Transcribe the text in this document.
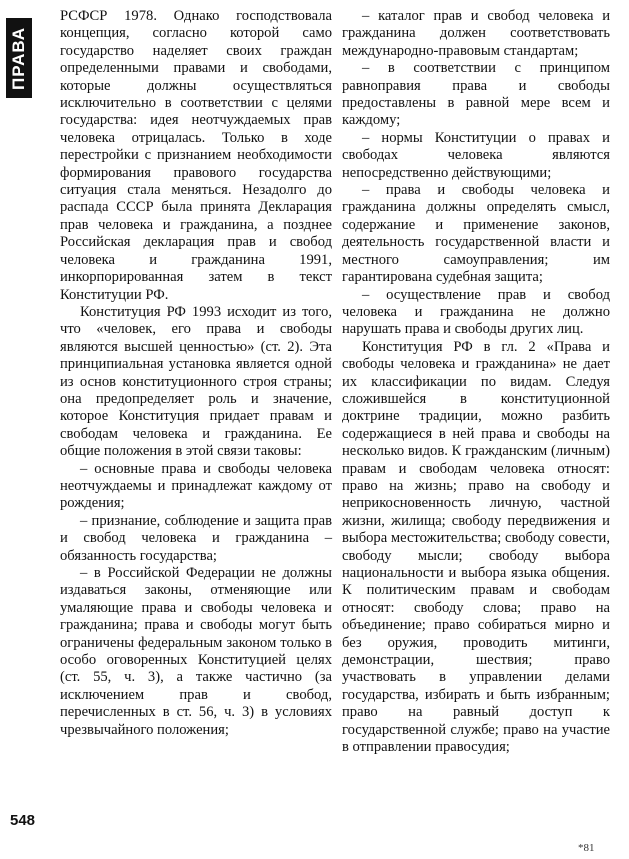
ПРАВА

РСФСР 1978. Однако господствовала концепция, согласно которой само государство наделяет своих граждан определенными правами и свободами, которые должны осуществляться исключительно в соответствии с целями государства: идея неотчуждаемых прав человека отрицалась. Только в ходе перестройки с признанием необходимости формирования правового государства ситуация стала меняться. Незадолго до распада СССР была принята Декларация прав человека и гражданина, а позднее Российская декларация прав и свобод человека и гражданина 1991, инкорпорированная затем в текст Конституции РФ.

Конституция РФ 1993 исходит из того, что «человек, его права и свободы являются высшей ценностью» (ст. 2). Эта принципиальная установка является одной из основ конституционного строя страны; она предопределяет роль и значение, которое Конституция придает правам и свободам человека и гражданина. Ее общие положения в этой связи таковы:

– основные права и свободы человека неотчуждаемы и принадлежат каждому от рождения;

– признание, соблюдение и защита прав и свобод человека и гражданина – обязанность государства;

– в Российской Федерации не должны издаваться законы, отменяющие или умаляющие права и свободы человека и гражданина; права и свободы могут быть ограничены федеральным законом только в особо оговоренных Конституцией целях (ст. 55, ч. 3), а также частично (за исключением прав и свобод, перечисленных в ст. 56, ч. 3) в условиях чрезвычайного положения;

– каталог прав и свобод человека и гражданина должен соответствовать международно-правовым стандартам;

– в соответствии с принципом равноправия права и свободы предоставлены в равной мере всем и каждому;

– нормы Конституции о правах и свободах человека являются непосредственно действующими;

– права и свободы человека и гражданина должны определять смысл, содержание и применение законов, деятельность государственной власти и местного самоуправления; им гарантирована судебная защита;

– осуществление прав и свобод человека и гражданина не должно нарушать права и свободы других лиц.

Конституция РФ в гл. 2 «Права и свободы человека и гражданина» не дает их классификации по видам. Следуя сложившейся в конституционной доктрине традиции, можно разбить содержащиеся в ней права и свободы на несколько видов. К гражданским (личным) правам и свободам человека относят: право на жизнь; право на свободу и неприкосновенность личную, частной жизни, жилища; свободу передвижения и выбора местожительства; свободу совести, свободу мысли; свободу выбора национальности и выбора языка общения. К политическим правам и свободам относят: свободу слова; право на объединение; право собираться мирно и без оружия, проводить митинги, демонстрации, шествия; право участвовать в управлении делами государства, избирать и быть избранным; право на равный доступ к государственной службе; право на участие в отправлении правосудия;

548
*81
